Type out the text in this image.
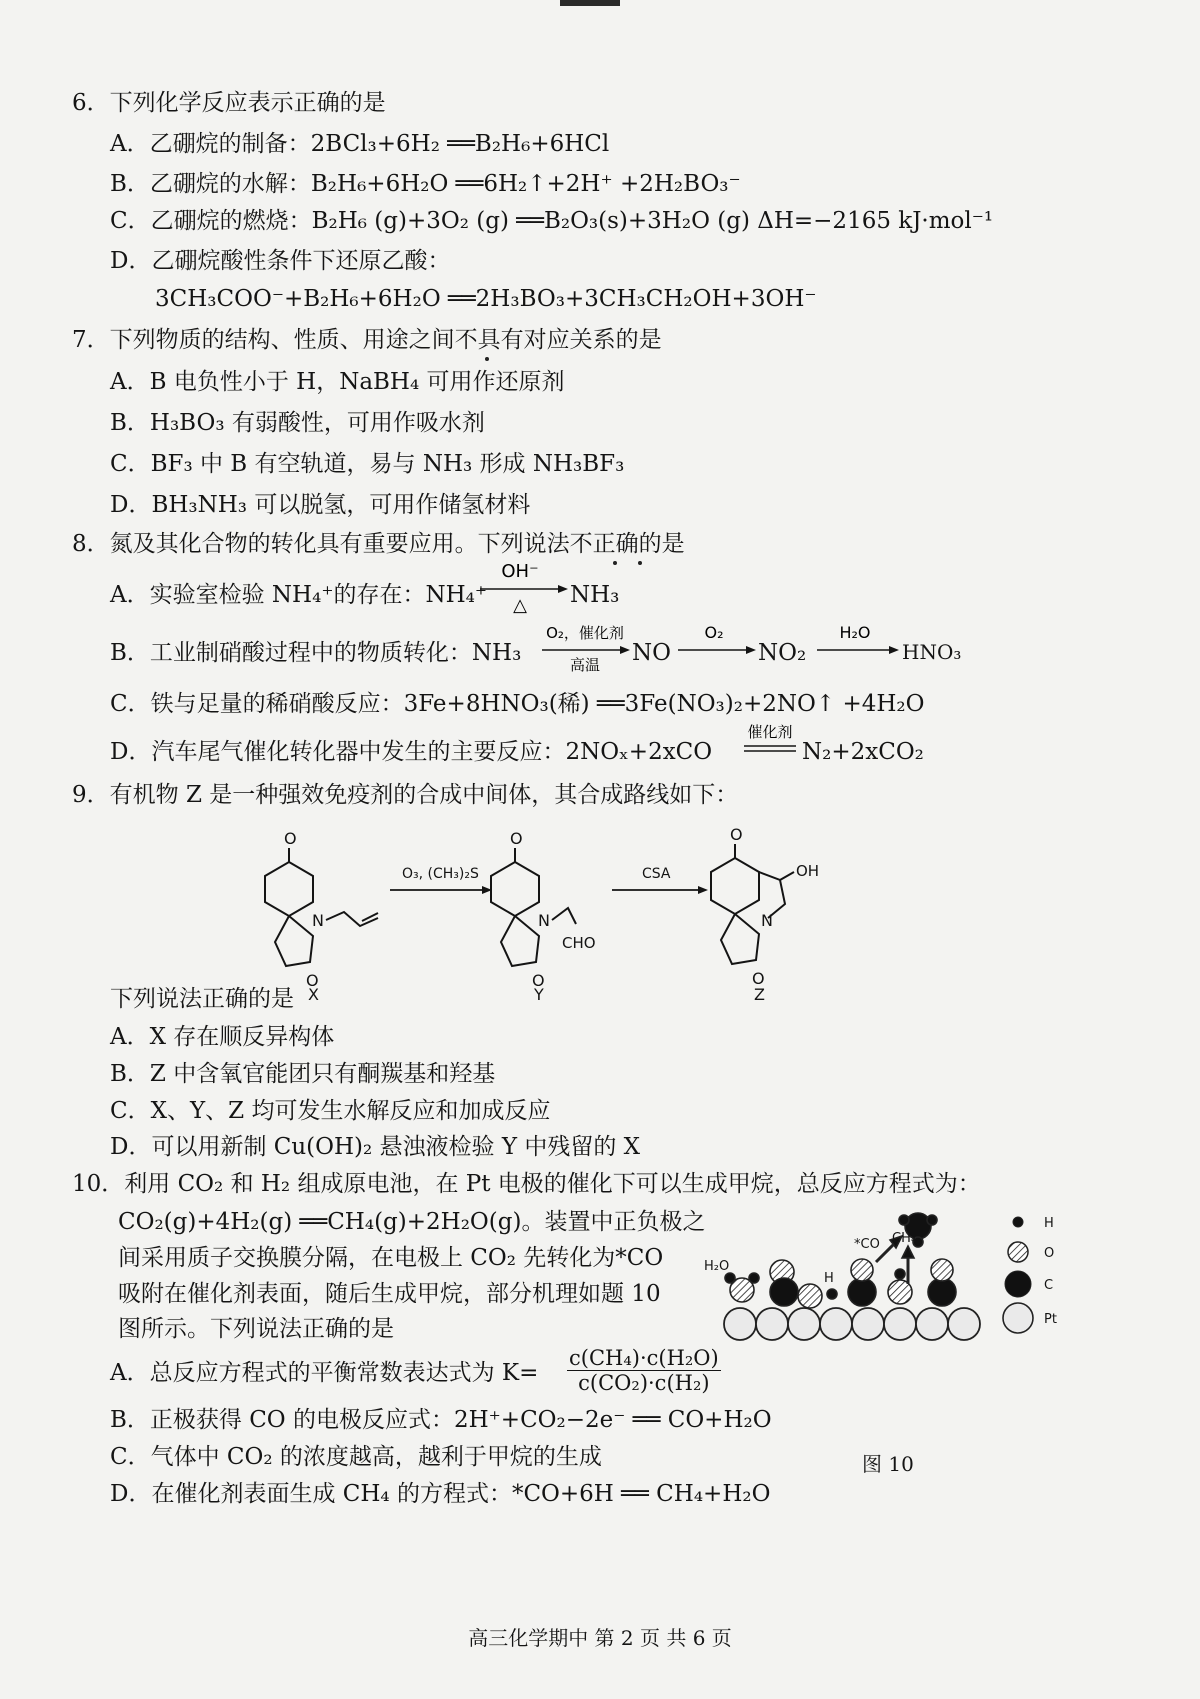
6．下列化学反应表示正确的是
A．乙硼烷的制备：2BCl₃+6H₂ ══B₂H₆+6HCl
B．乙硼烷的水解：B₂H₆+6H₂O ══6H₂↑+2H⁺ +2H₂BO₃⁻
C．乙硼烷的燃烧：B₂H₆ (g)+3O₂ (g) ══B₂O₃(s)+3H₂O (g) ΔH=−2165 kJ·mol⁻¹
D．乙硼烷酸性条件下还原乙酸：
3CH₃COO⁻+B₂H₆+6H₂O ══2H₃BO₃+3CH₃CH₂OH+3OH⁻
7．下列物质的结构、性质、用途之间不具有对应关系的是
A．B 电负性小于 H，NaBH₄ 可用作还原剂
B．H₃BO₃ 有弱酸性，可用作吸水剂
C．BF₃ 中 B 有空轨道，易与 NH₃ 形成 NH₃BF₃
D．BH₃NH₃ 可以脱氢，可用作储氢材料
8．氮及其化合物的转化具有重要应用。下列说法不正确的是
A．实验室检验 NH₄⁺的存在：NH₄⁺
OH⁻
△ NH₃
B．工业制硝酸过程中的物质转化：NH₃
O₂，催化剂
高温 NO
O₂
NO₂
H₂O
HNO₃
C．铁与足量的稀硝酸反应：3Fe+8HNO₃(稀) ══3Fe(NO₃)₂+2NO↑ +4H₂O
D．汽车尾气催化转化器中发生的主要反应：2NOₓ+2xCO
催化剂
N₂+2xCO₂
9．有机物 Z 是一种强效免疫剂的合成中间体，其合成路线如下：
O
N
O
X
O₃, (CH₃)₂S
O
N
O
CHO
Y
CSA
O
N
OH
O
Z
下列说法正确的是
A．X 存在顺反异构体
B．Z 中含氧官能团只有酮羰基和羟基
C．X、Y、Z 均可发生水解反应和加成反应
D．可以用新制 Cu(OH)₂ 悬浊液检验 Y 中残留的 X
10．利用 CO₂ 和 H₂ 组成原电池，在 Pt 电极的催化下可以生成甲烷，总反应方程式为：
CO₂(g)+4H₂(g) ══CH₄(g)+2H₂O(g)。装置中正负极之
间采用质子交换膜分隔，在电极上 CO₂ 先转化为*CO
吸附在催化剂表面，随后生成甲烷，部分机理如题 10
图所示。下列说法正确的是
H₂O
*CO
H
CH₄
H
O
C
Pt
图 10
A．总反应方程式的平衡常数表达式为 $K= \frac{\text{c(CH₄)·c(H₂O)}}{\text{c(CO₂)·c(H₂)}}$
B．正极获得 CO 的电极反应式：2H⁺+CO₂−2e⁻ ══ CO+H₂O
C．气体中 CO₂ 的浓度越高，越利于甲烷的生成
D．在催化剂表面生成 CH₄ 的方程式：*CO+6H ══ CH₄+H₂O
高三化学期中 第 2 页 共 6 页
